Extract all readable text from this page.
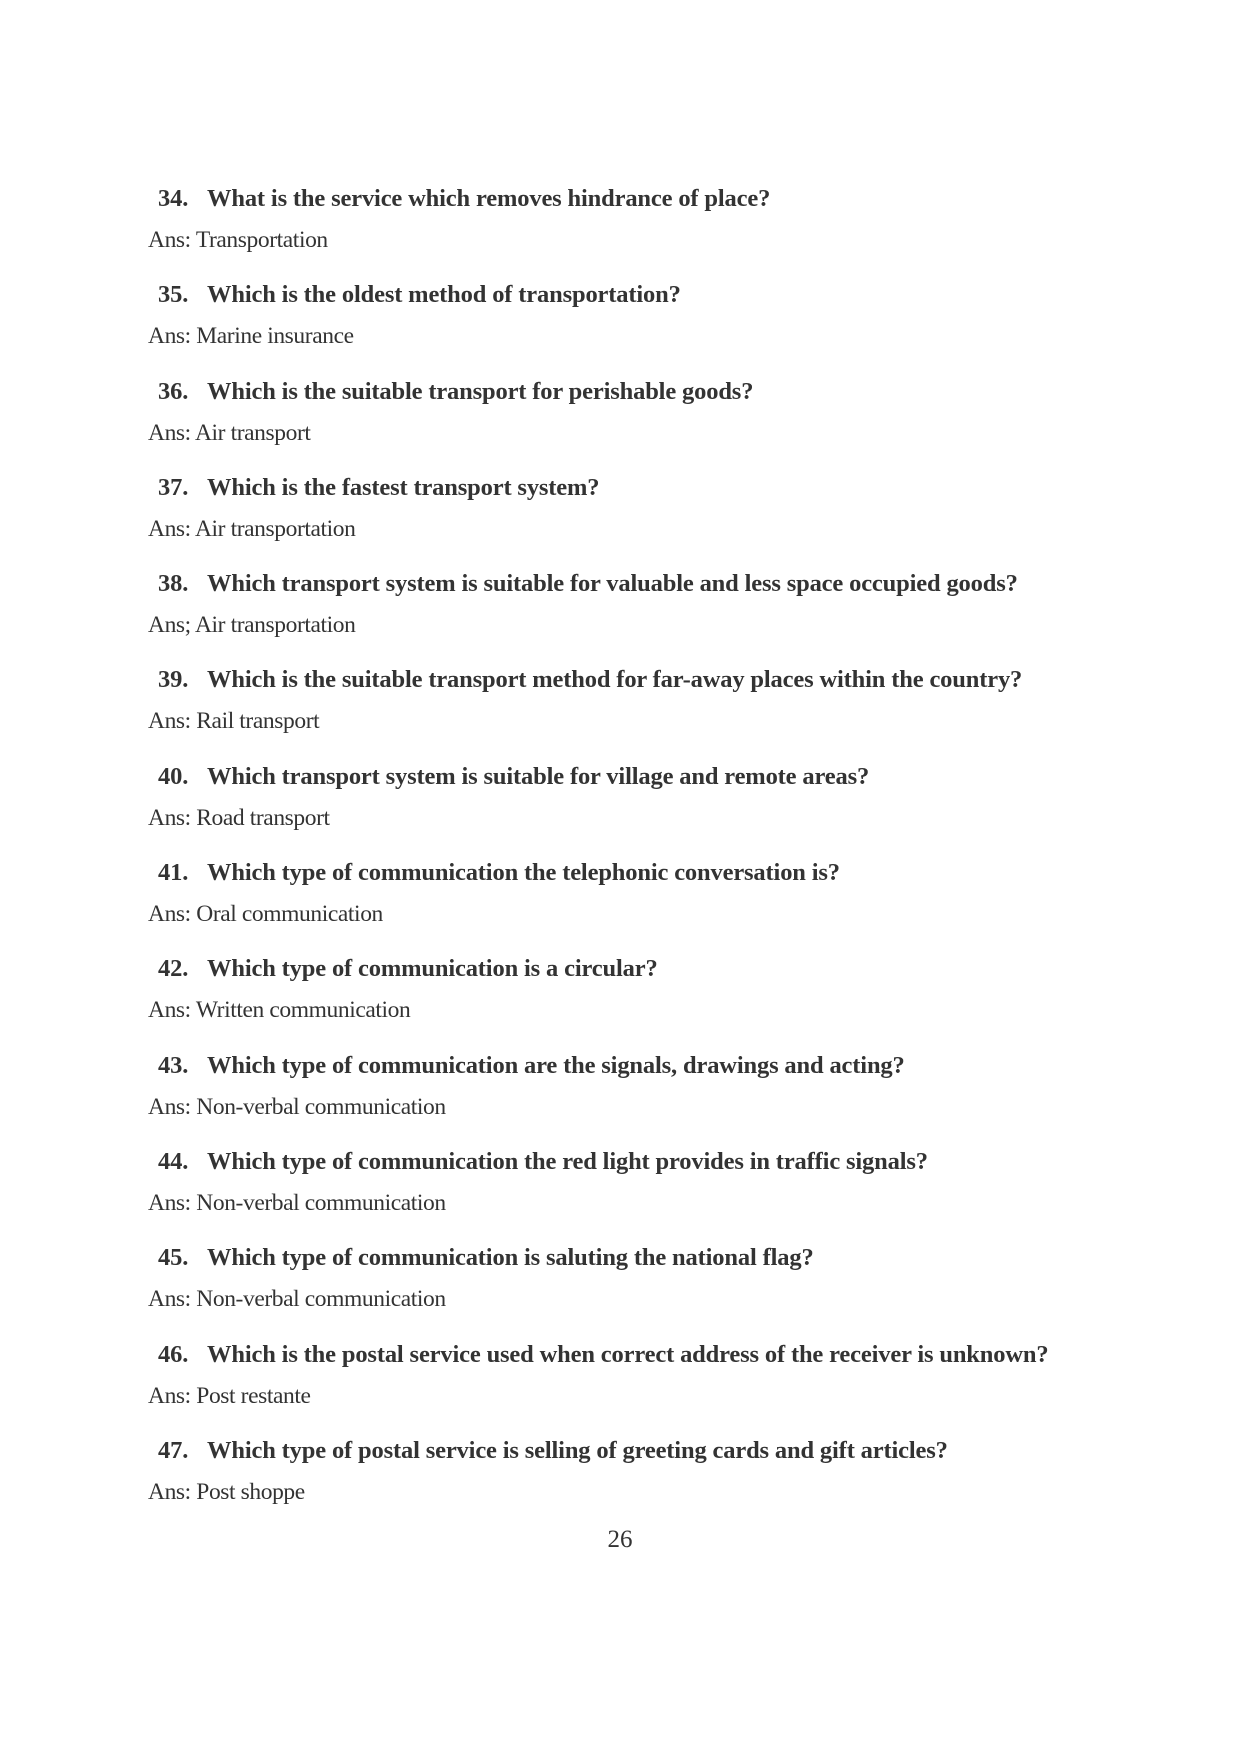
34. What is the service which removes hindrance of place?
Ans: Transportation
35. Which is the oldest method of transportation?
Ans: Marine insurance
36. Which is the suitable transport for perishable goods?
Ans: Air transport
37. Which is the fastest transport system?
Ans: Air transportation
38. Which transport system is suitable for valuable and less space occupied goods?
Ans; Air transportation
39. Which is the suitable transport method for far-away places within the country?
Ans: Rail transport
40. Which transport system is suitable for village and remote areas?
Ans: Road transport
41. Which type of communication the telephonic conversation is?
Ans: Oral communication
42. Which type of communication is a circular?
Ans: Written communication
43. Which type of communication are the signals, drawings and acting?
Ans: Non-verbal communication
44. Which type of communication the red light provides in traffic signals?
Ans: Non-verbal communication
45. Which type of communication is saluting the national flag?
Ans: Non-verbal communication
46. Which is the postal service used when correct address of the receiver is unknown?
Ans: Post restante
47. Which type of postal service is selling of greeting cards and gift articles?
Ans: Post shoppe
26
